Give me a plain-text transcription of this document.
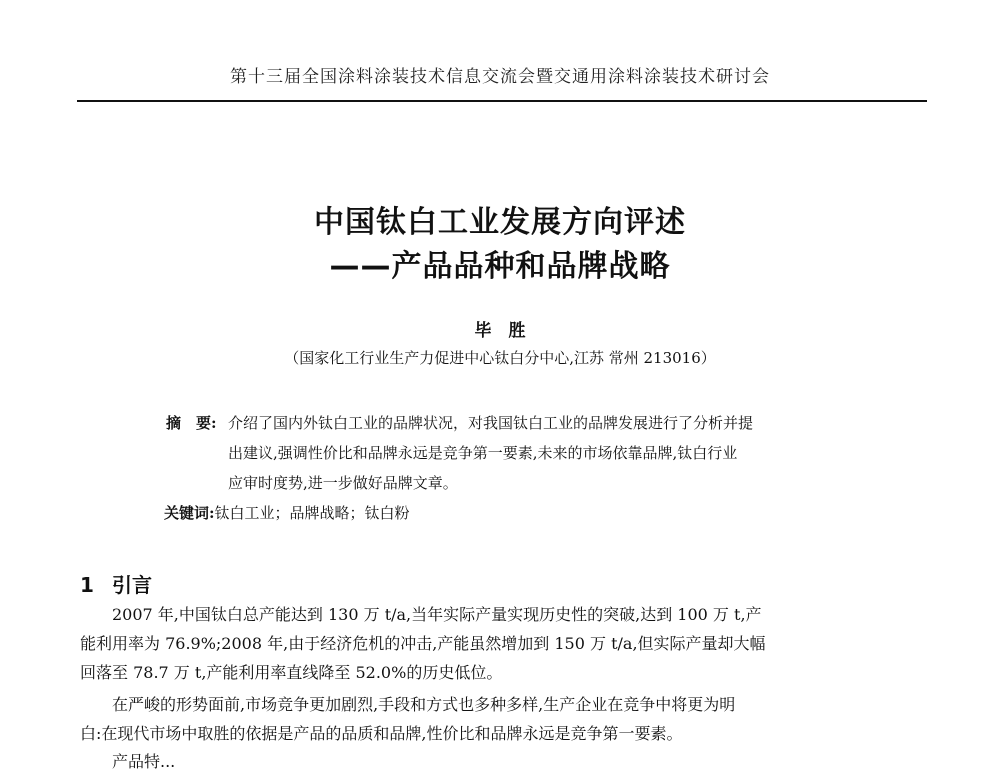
第十三届全国涂料涂装技术信息交流会暨交通用涂料涂装技术研讨会
中国钛白工业发展方向评述
——产品品种和品牌战略
毕　胜
（国家化工行业生产力促进中心钛白分中心,江苏 常州 213016）
摘　要: 介绍了国内外钛白工业的品牌状况，对我国钛白工业的品牌发展进行了分析并提
出建议,强调性价比和品牌永远是竞争第一要素,未来的市场依靠品牌,钛白行业
应审时度势,进一步做好品牌文章。
关键词:钛白工业；品牌战略；钛白粉
1 引言
2007 年,中国钛白总产能达到 130 万 t/a,当年实际产量实现历史性的突破,达到 100 万 t,产
能利用率为 76.9%;2008 年,由于经济危机的冲击,产能虽然增加到 150 万 t/a,但实际产量却大幅
回落至 78.7 万 t,产能利用率直线降至 52.0%的历史低位。
在严峻的形势面前,市场竞争更加剧烈,手段和方式也多种多样,生产企业在竞争中将更为明
白:在现代市场中取胜的依据是产品的品质和品牌,性价比和品牌永远是竞争第一要素。
产品特...
